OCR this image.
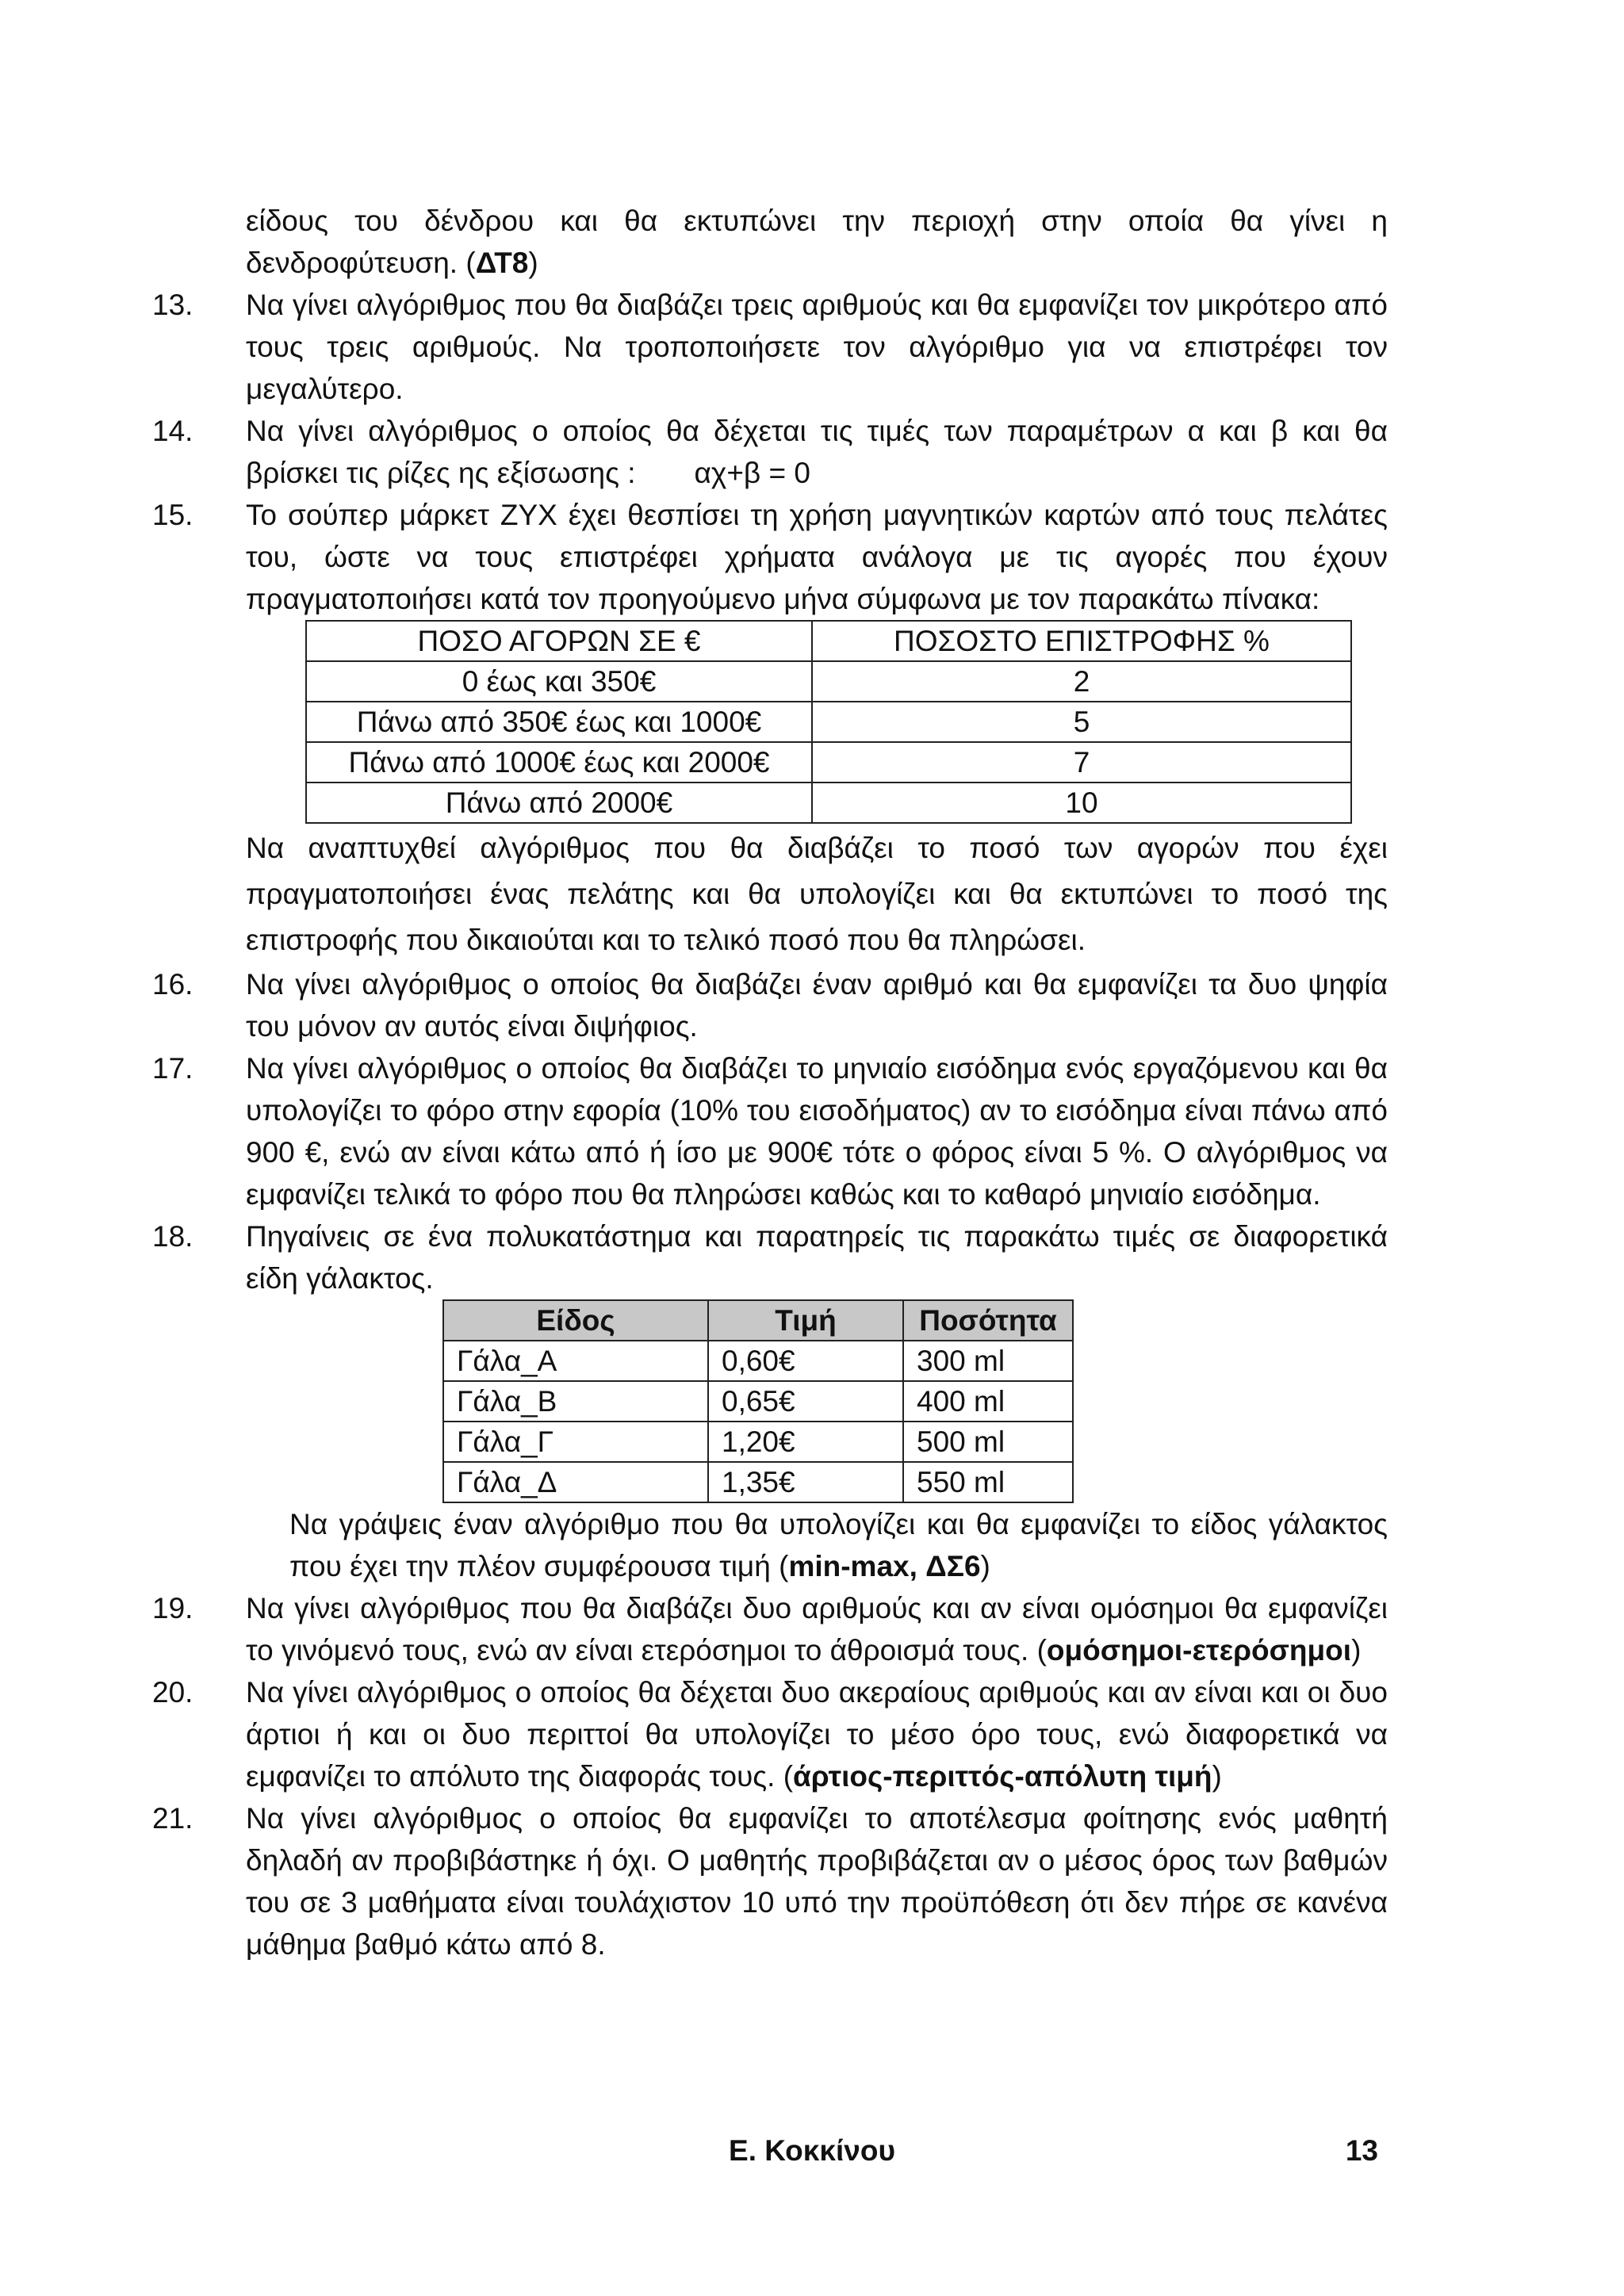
είδους του δένδρου και θα εκτυπώνει την περιοχή στην οποία θα γίνει η δενδροφύτευση. (ΔΤ8)
13.	Να γίνει αλγόριθμος που θα διαβάζει τρεις αριθμούς και θα εμφανίζει τον μικρότερο από τους τρεις αριθμούς. Να τροποποιήσετε τον αλγόριθμο για να επιστρέφει τον μεγαλύτερο.
14.	Να γίνει αλγόριθμος ο οποίος θα δέχεται τις τιμές των παραμέτρων α και β και θα βρίσκει τις ρίζες ης εξίσωσης : αχ+β = 0
15.	Το σούπερ μάρκετ ΖΥΧ έχει θεσπίσει τη χρήση μαγνητικών καρτών από τους πελάτες του, ώστε να τους επιστρέφει χρήματα ανάλογα με τις αγορές που έχουν πραγματοποιήσει κατά τον προηγούμενο μήνα σύμφωνα με τον παρακάτω πίνακα:
ΠΟΣΟ ΑΓΟΡΩΝ ΣΕ €	ΠΟΣΟΣΤΟ ΕΠΙΣΤΡΟΦΗΣ %
0 έως και 350€	2
Πάνω από 350€ έως και 1000€	5
Πάνω από 1000€ έως και 2000€	7
Πάνω από 2000€	10
Να αναπτυχθεί αλγόριθμος που θα διαβάζει το ποσό των αγορών που έχει πραγματοποιήσει ένας πελάτης και θα υπολογίζει και θα εκτυπώνει το ποσό της επιστροφής που δικαιούται και το τελικό ποσό που θα πληρώσει.
16.	Να γίνει αλγόριθμος ο οποίος θα διαβάζει έναν αριθμό και θα εμφανίζει τα δυο ψηφία του μόνον αν αυτός είναι διψήφιος.
17.	Να γίνει αλγόριθμος ο οποίος θα διαβάζει το μηνιαίο εισόδημα ενός εργαζόμενου και θα υπολογίζει το φόρο στην εφορία (10% του εισοδήματος) αν το εισόδημα είναι πάνω από 900 €, ενώ αν είναι κάτω από ή ίσο με 900€ τότε ο φόρος είναι 5 %. Ο αλγόριθμος να εμφανίζει τελικά το φόρο που θα πληρώσει καθώς και το καθαρό μηνιαίο εισόδημα.
18.	Πηγαίνεις σε ένα πολυκατάστημα και παρατηρείς τις παρακάτω τιμές σε διαφορετικά είδη γάλακτος.
Είδος	Τιμή	Ποσότητα
Γάλα_Α	0,60€	300 ml
Γάλα_Β	0,65€	400 ml
Γάλα_Γ	1,20€	500 ml
Γάλα_Δ	1,35€	550 ml
Να γράψεις έναν αλγόριθμο που θα υπολογίζει και θα εμφανίζει το είδος γάλακτος που έχει την πλέον συμφέρουσα τιμή (min-max, ΔΣ6)
19.	Να γίνει αλγόριθμος που θα διαβάζει δυο αριθμούς και αν είναι ομόσημοι θα εμφανίζει το γινόμενό τους, ενώ αν είναι ετερόσημοι το άθροισμά τους. (ομόσημοι-ετερόσημοι)
20.	Να γίνει αλγόριθμος ο οποίος θα δέχεται δυο ακεραίους αριθμούς και αν είναι και οι δυο άρτιοι ή και οι δυο περιττοί θα υπολογίζει το μέσο όρο τους, ενώ διαφορετικά να εμφανίζει το απόλυτο της διαφοράς τους. (άρτιος-περιττός-απόλυτη τιμή)
21.	Να γίνει αλγόριθμος ο οποίος θα εμφανίζει το αποτέλεσμα φοίτησης ενός μαθητή δηλαδή αν προβιβάστηκε ή όχι. Ο μαθητής προβιβάζεται αν ο μέσος όρος των βαθμών του σε 3 μαθήματα είναι τουλάχιστον 10 υπό την προϋπόθεση ότι δεν πήρε σε κανένα μάθημα βαθμό κάτω από 8.
Ε. Κοκκίνου	13
